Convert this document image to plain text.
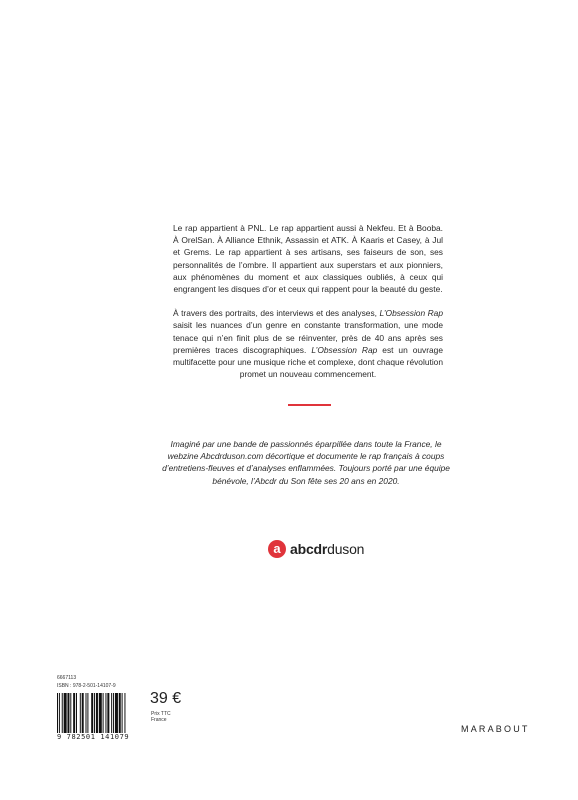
Le rap appartient à PNL. Le rap appartient aussi à Nekfeu. Et à Booba. À OrelSan. À Alliance Ethnik, Assassin et ATK. À Kaaris et Casey, à Jul et Grems. Le rap appartient à ses artisans, ses faiseurs de son, ses personnalités de l’ombre. Il appartient aux superstars et aux pionniers, aux phénomènes du moment et aux classiques oubliés, à ceux qui engrangent les disques d’or et ceux qui rappent pour la beauté du geste.

À travers des portraits, des interviews et des analyses, L’Obsession Rap saisit les nuances d’un genre en constante transformation, une mode tenace qui n’en finit plus de se réinventer, près de 40 ans après ses premières traces discographiques. L’Obsession Rap est un ouvrage multifacette pour une musique riche et complexe, dont chaque révolution promet un nouveau commencement.

Imaginé par une bande de passionnés éparpillée dans toute la France, le webzine Abcdrduson.com décortique et documente le rap français à coups d’entretiens-fleuves et d’analyses enflammées. Toujours porté par une équipe bénévole, l’Abcdr du Son fête ses 20 ans en 2020.
a abcdrduson
6667113
ISBN : 978-2-501-14107-9
9 782501 141079
39 €
Prix TTC
France
MARABOUT
